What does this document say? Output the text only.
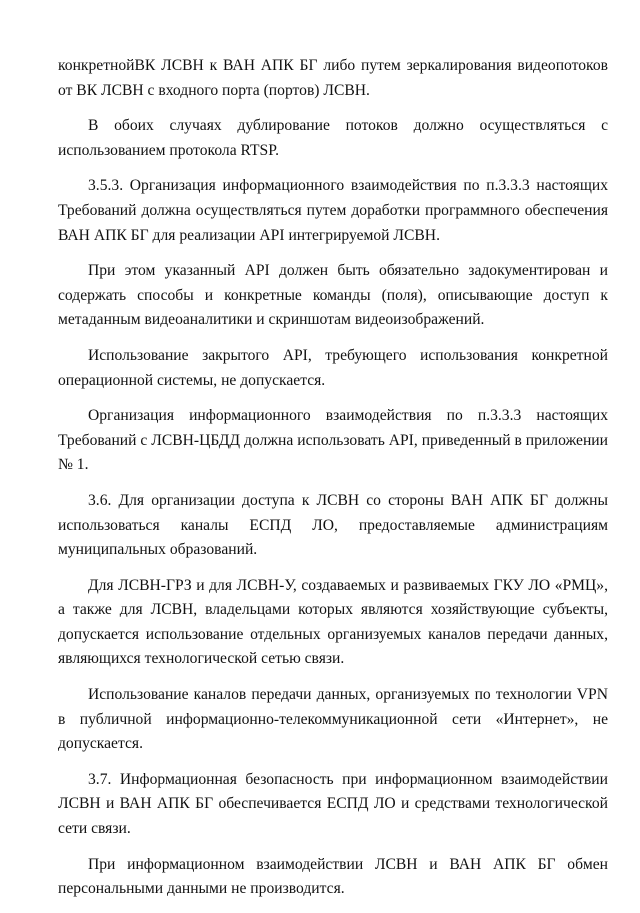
конкретнойВК ЛСВН к ВАН АПК БГ либо путем зеркалирования видеопотоков от ВК ЛСВН с входного порта (портов) ЛСВН.

В обоих случаях дублирование потоков должно осуществляться с использованием протокола RTSP.

3.5.3. Организация информационного взаимодействия по п.3.3.3 настоящих Требований должна осуществляться путем доработки программного обеспечения ВАН АПК БГ для реализации API интегрируемой ЛСВН.

При этом указанный API должен быть обязательно задокументирован и содержать способы и конкретные команды (поля), описывающие доступ к метаданным видеоаналитики и скриншотам видеоизображений.

Использование закрытого API, требующего использования конкретной операционной системы, не допускается.

Организация информационного взаимодействия по п.3.3.3 настоящих Требований с ЛСВН-ЦБДД должна использовать API, приведенный в приложении № 1.

3.6. Для организации доступа к ЛСВН со стороны ВАН АПК БГ должны использоваться каналы ЕСПД ЛО, предоставляемые администрациям муниципальных образований.

Для ЛСВН-ГРЗ и для ЛСВН-У, создаваемых и развиваемых ГКУ ЛО «РМЦ», а также для ЛСВН, владельцами которых являются хозяйствующие субъекты, допускается использование отдельных организуемых каналов передачи данных, являющихся технологической сетью связи.

Использование каналов передачи данных, организуемых по технологии VPN в публичной информационно-телекоммуникационной сети «Интернет», не допускается.

3.7. Информационная безопасность при информационном взаимодействии ЛСВН и ВАН АПК БГ обеспечивается ЕСПД ЛО и средствами технологической сети связи.

При информационном взаимодействии ЛСВН и ВАН АПК БГ обмен персональными данными не производится.
